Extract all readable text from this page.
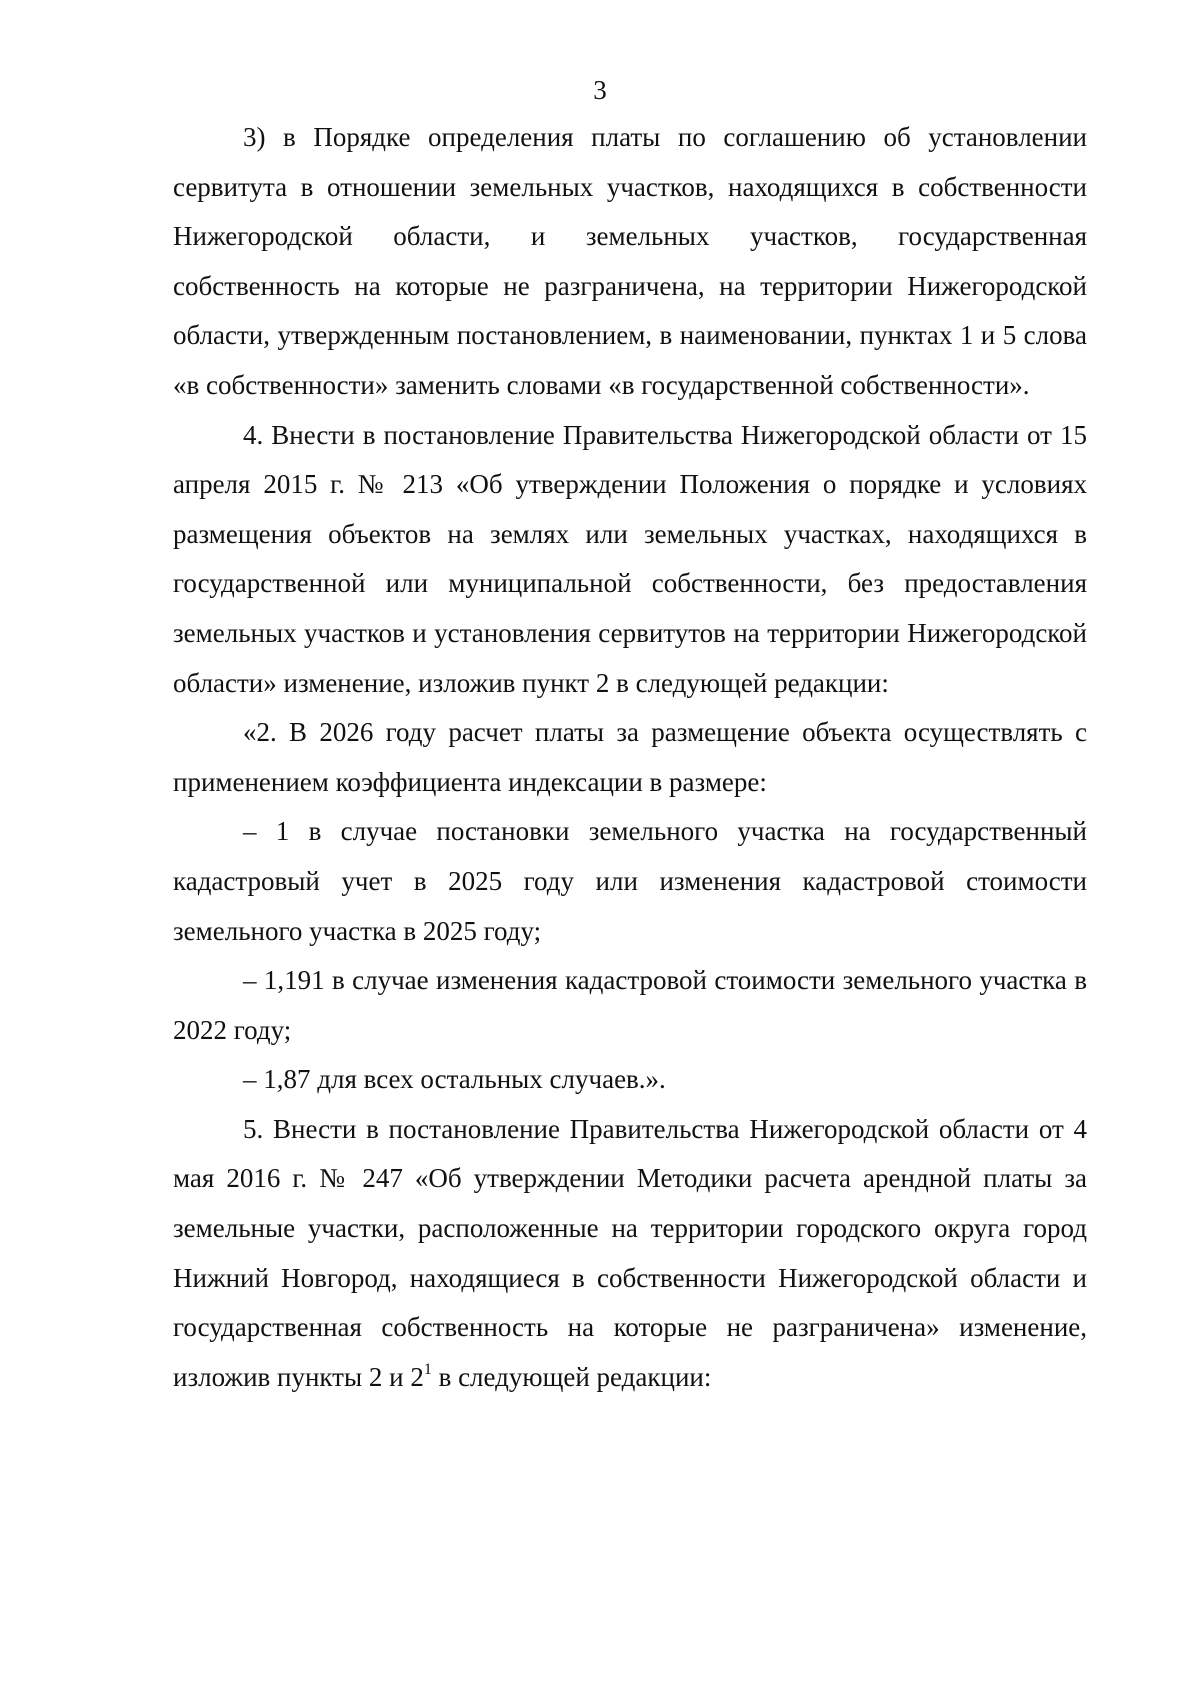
3

3) в Порядке определения платы по соглашению об установлении сервитута в отношении земельных участков, находящихся в собственности Нижегородской области, и земельных участков, государственная собственность на которые не разграничена, на территории Нижегородской области, утвержденным постановлением, в наименовании, пунктах 1 и 5 слова «в собственности» заменить словами «в государственной собственности».

4. Внести в постановление Правительства Нижегородской области от 15 апреля 2015 г. № 213 «Об утверждении Положения о порядке и условиях размещения объектов на землях или земельных участках, находящихся в государственной или муниципальной собственности, без предоставления земельных участков и установления сервитутов на территории Нижегородской области» изменение, изложив пункт 2 в следующей редакции:

«2. В 2026 году расчет платы за размещение объекта осуществлять с применением коэффициента индексации в размере:

– 1 в случае постановки земельного участка на государственный кадастровый учет в 2025 году или изменения кадастровой стоимости земельного участка в 2025 году;

– 1,191 в случае изменения кадастровой стоимости земельного участка в 2022 году;

– 1,87 для всех остальных случаев.».

5. Внести в постановление Правительства Нижегородской области от 4 мая 2016 г. № 247 «Об утверждении Методики расчета арендной платы за земельные участки, расположенные на территории городского округа город Нижний Новгород, находящиеся в собственности Нижегородской области и государственная собственность на которые не разграничена» изменение, изложив пункты 2 и $2^1$ в следующей редакции:
